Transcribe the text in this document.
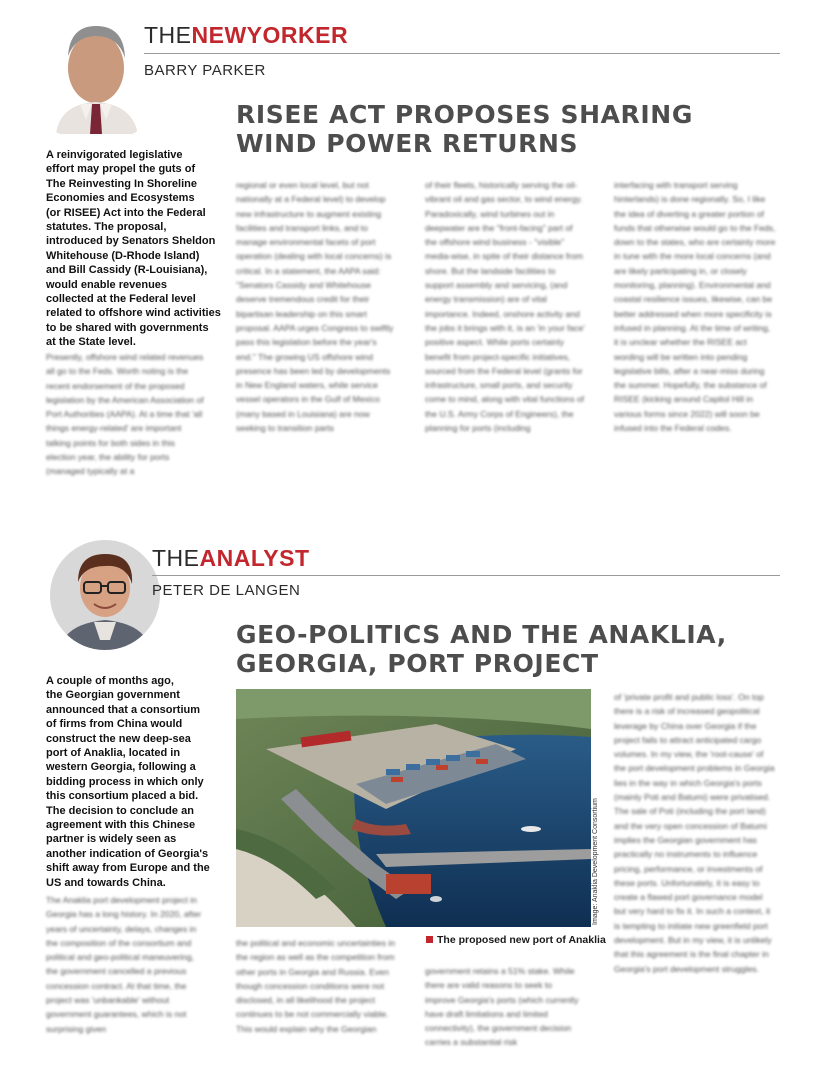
THENEWYORKER
BARRY PARKER
RISEE ACT PROPOSES SHARING
WIND POWER RETURNS
A reinvigorated legislative
effort may propel the guts of
The Reinvesting In Shoreline
Economies and Ecosystems
(or RISEE) Act into the Federal
statutes. The proposal,
introduced by Senators Sheldon
Whitehouse (D-Rhode Island)
and Bill Cassidy (R-Louisiana),
would enable revenues
collected at the Federal level
related to offshore wind activities
to be shared with governments
at the State level.

Presently, offshore wind related revenues all go to the Feds. Worth noting is the recent endorsement of the proposed legislation by the American Association of Port Authorities (AAPA). At a time that 'all things energy-related' are important talking points for both sides in this election year, the ability for ports (managed typically at a

regional or even local level, but not nationally at a Federal level) to develop new infrastructure to augment existing facilities and transport links, and to manage environmental facets of port operation (dealing with local concerns) is critical. In a statement, the AAPA said: "Senators Cassidy and Whitehouse deserve tremendous credit for their bipartisan leadership on this smart proposal. AAPA urges Congress to swiftly pass this legislation before the year's end." The growing US offshore wind presence has been led by developments in New England waters, while service vessel operators in the Gulf of Mexico (many based in Louisiana) are now seeking to transition parts

of their fleets, historically serving the oil-vibrant oil and gas sector, to wind energy. Paradoxically, wind turbines out in deepwater are the "front-facing" part of the offshore wind business - "visible" media-wise, in spite of their distance from shore. But the landside facilities to support assembly and servicing, (and energy transmission) are of vital importance. Indeed, onshore activity and the jobs it brings with it, is an 'in your face' positive aspect. While ports certainly benefit from project-specific initiatives, sourced from the Federal level (grants for infrastructure, small ports, and security come to mind, along with vital functions of the U.S. Army Corps of Engineers), the planning for ports (including

interfacing with transport serving hinterlands) is done regionally. So, I like the idea of diverting a greater portion of funds that otherwise would go to the Feds, down to the states, who are certainly more in tune with the more local concerns (and are likely participating in, or closely monitoring, planning). Environmental and coastal resilience issues, likewise, can be better addressed when more specificity is infused in planning. At the time of writing, it is unclear whether the RISEE act wording will be written into pending legislative bills, after a near-miss during the summer. Hopefully, the substance of RISEE (kicking around Capitol Hill in various forms since 2022) will soon be infused into the Federal codes.

THEANALYST
PETER DE LANGEN
GEO-POLITICS AND THE ANAKLIA,
GEORGIA, PORT PROJECT
A couple of months ago,
the Georgian government
announced that a consortium
of firms from China would
construct the new deep-sea
port of Anaklia, located in
western Georgia, following a
bidding process in which only
this consortium placed a bid.
The decision to conclude an
agreement with this Chinese
partner is widely seen as
another indication of Georgia's
shift away from Europe and the
US and towards China.

The Anaklia port development project in Georgia has a long history. In 2020, after years of uncertainty, delays, changes in the composition of the consortium and political and geo-political maneuvering, the government cancelled a previous concession contract. At that time, the project was 'unbankable' without government guarantees, which is not surprising given

Image: Anaklia Development Consortium
The proposed new port of Anaklia

the political and economic uncertainties in the region as well as the competition from other ports in Georgia and Russia. Even though concession conditions were not disclosed, in all likelihood the project continues to be not commercially viable. This would explain why the Georgian

government retains a 51% stake. While there are valid reasons to seek to improve Georgia's ports (which currently have draft limitations and limited connectivity), the government decision carries a substantial risk

of 'private profit and public loss'. On top there is a risk of increased geopolitical leverage by China over Georgia if the project fails to attract anticipated cargo volumes. In my view, the 'root-cause' of the port development problems in Georgia lies in the way in which Georgia's ports (mainly Poti and Batumi) were privatised. The sale of Poti (including the port land) and the very open concession of Batumi implies the Georgian government has practically no instruments to influence pricing, performance, or investments of these ports. Unfortunately, it is easy to create a flawed port governance model but very hard to fix it. In such a context, it is tempting to initiate new greenfield port development. But in my view, it is unlikely that this agreement is the final chapter in Georgia's port development struggles.
